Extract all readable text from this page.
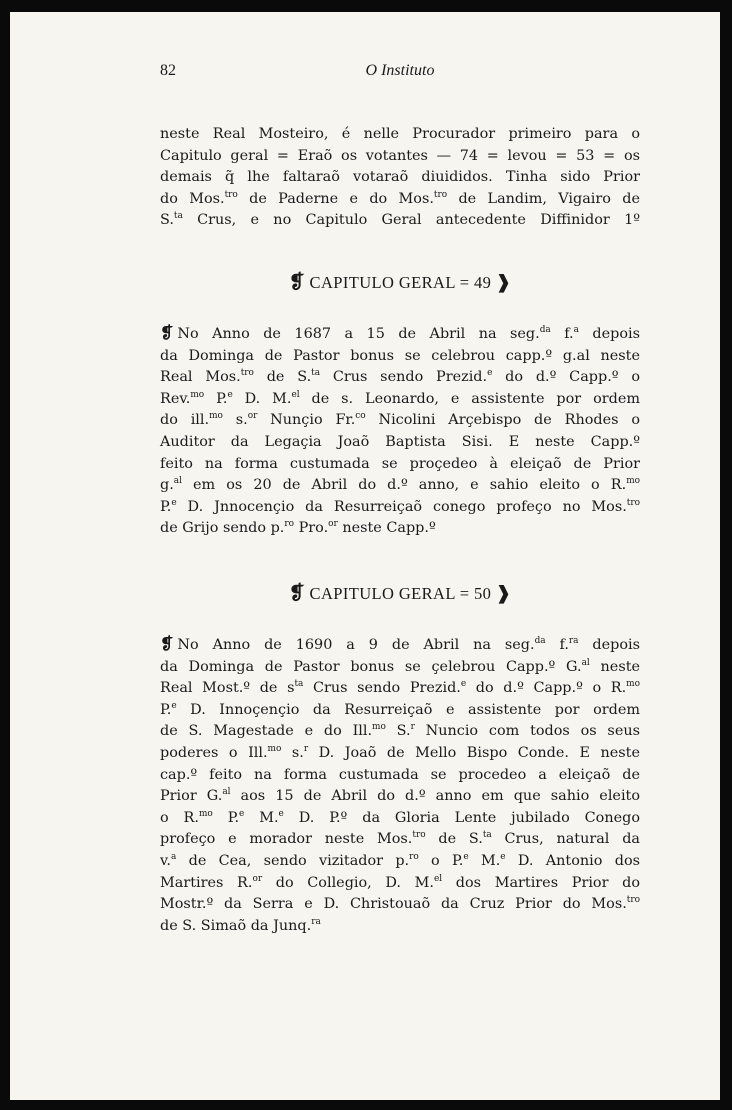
82	O Instituto

neste Real Mosteiro, é nelle Procurador primeiro para o
Capitulo geral = Eraõ os votantes — 74 = levou = 53 = os
demais q̃ lhe faltaraõ votaraõ diuididos. Tinha sido Prior
do Mos.$^{tro}$ de Paderne e do Mos.$^{tro}$ de Landim, Vigairo de
S.$^{ta}$ Crus, e no Capitulo Geral antecedente Diffinidor 1º

❡ CAPITULO GERAL = 49 ❱

❡ No Anno de 1687 a 15 de Abril na seg.$^{da}$ f.$^a$ depois
da Dominga de Pastor bonus se celebrou capp.º g.al neste
Real Mos.$^{tro}$ de S.$^{ta}$ Crus sendo Prezid.$^e$ do d.º Capp.º o
Rev.$^{mo}$ P.$^e$ D. M.$^{el}$ de s. Leonardo, e assistente por ordem
do ill.$^{mo}$ s.$^{or}$ Nunçio Fr.$^{co}$ Nicolini Arçebispo de Rhodes o
Auditor da Legaçia Joaõ Baptista Sisi. E neste Capp.º
feito na forma custumada se proçedeo à eleiçaõ de Prior
g.$^{al}$ em os 20 de Abril do d.º anno, e sahio eleito o R.$^{mo}$
P.$^e$ D. Jnnocençio da Resurreiçaõ conego profeço no Mos.$^{tro}$
de Grijo sendo p.$^{ro}$ Pro.$^{or}$ neste Capp.º

❡ CAPITULO GERAL = 50 ❱

❡ No Anno de 1690 a 9 de Abril na seg.$^{da}$ f.$^{ra}$ depois
da Dominga de Pastor bonus se çelebrou Capp.º G.$^{al}$ neste
Real Most.º de $s^{ta}$ Crus sendo Prezid.$^e$ do d.º Capp.º o R.$^{mo}$
P.$^e$ D. Innoçençio da Resurreiçaõ e assistente por ordem
de S. Magestade e do Ill.$^{mo}$ S.$^r$ Nuncio com todos os seus
poderes o Ill.$^{mo}$ s.$^r$ D. Joaõ de Mello Bispo Conde. E neste
cap.º feito na forma custumada se procedeo a eleiçaõ de
Prior G.$^{al}$ aos 15 de Abril do d.º anno em que sahio eleito
o R.$^{mo}$ P.$^e$ M.$^e$ D. P.º da Gloria Lente jubilado Conego
profeço e morador neste Mos.$^{tro}$ de S.$^{ta}$ Crus, natural da
v.$^a$ de Cea, sendo vizitador p.$^{ro}$ o P.$^e$ M.$^e$ D. Antonio dos
Martires R.$^{or}$ do Collegio, D. M.$^{el}$ dos Martires Prior do
Mostr.º da Serra e D. Christouaõ da Cruz Prior do Mos.$^{tro}$
de S. Simaõ da Junq.$^{ra}$
